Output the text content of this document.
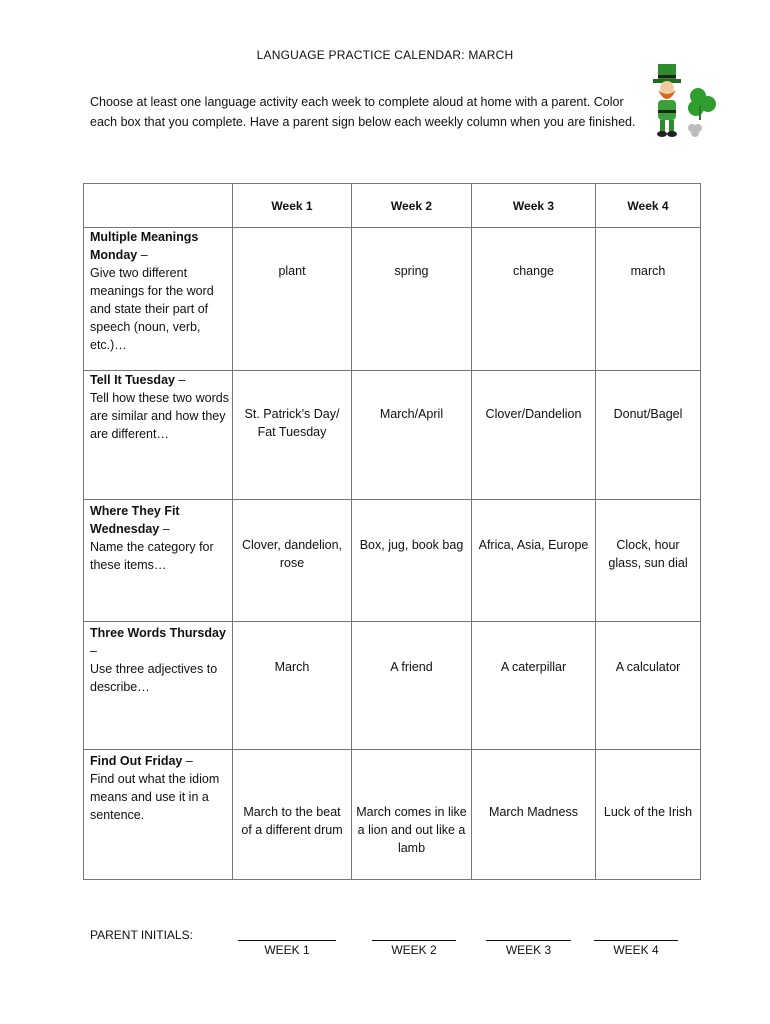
LANGUAGE PRACTICE CALENDAR: MARCH
Choose at least one language activity each week to complete aloud at home with a parent. Color each box that you complete. Have a parent sign below each weekly column when you are finished.
	Week 1	Week 2	Week 3	Week 4
Multiple Meanings Monday –
Give two different meanings for the word and state their part of speech (noun, verb, etc.)…	plant	spring	change	march
Tell It Tuesday –
Tell how these two words are similar and how they are different…	St. Patrick’s Day/ Fat Tuesday	March/April	Clover/Dandelion	Donut/Bagel
Where They Fit Wednesday –
Name the category for these items…	Clover, dandelion, rose	Box, jug, book bag	Africa, Asia, Europe	Clock, hour glass, sun dial
Three Words Thursday –
Use three adjectives to describe…	March	A friend	A caterpillar	A calculator
Find Out Friday –
Find out what the idiom means and use it in a sentence.	March to the beat of a different drum	March comes in like a lion and out like a lamb	March Madness	Luck of the Irish
PARENT INITIALS:
WEEK 1	WEEK 2	WEEK 3	WEEK 4
